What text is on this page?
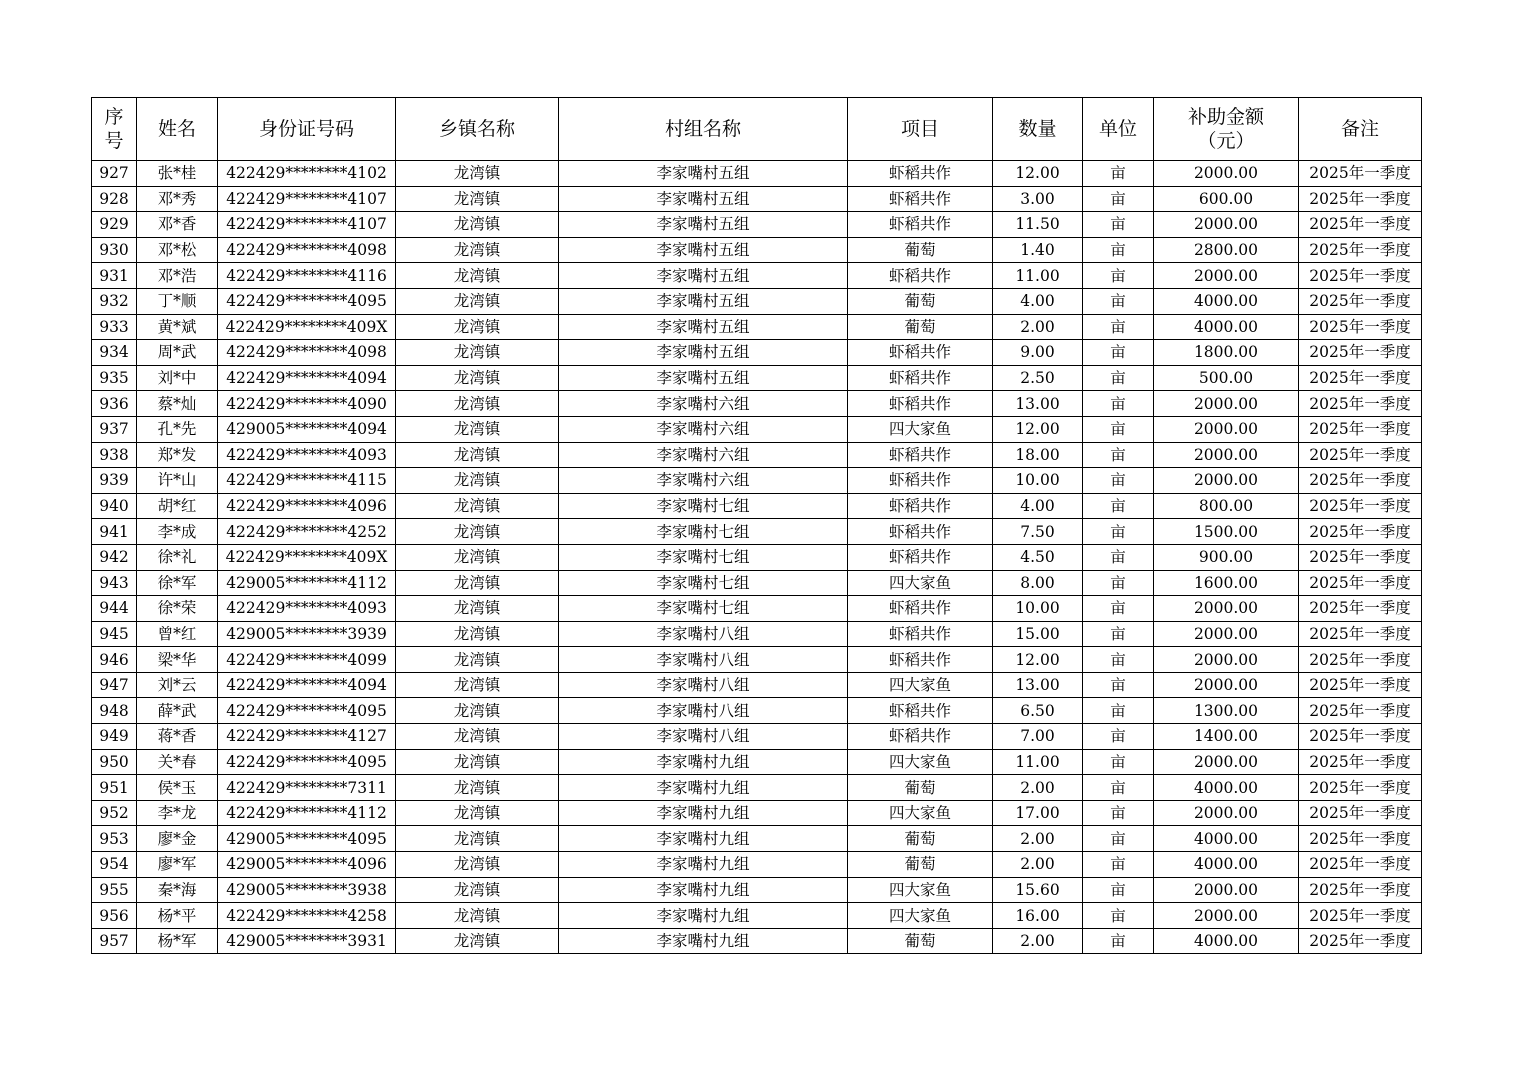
序号	姓名	身份证号码	乡镇名称	村组名称	项目	数量	单位	补助金额（元）	备注
927	张*桂	422429********4102	龙湾镇	李家嘴村五组	虾稻共作	12.00	亩	2000.00	2025年一季度
928	邓*秀	422429********4107	龙湾镇	李家嘴村五组	虾稻共作	3.00	亩	600.00	2025年一季度
929	邓*香	422429********4107	龙湾镇	李家嘴村五组	虾稻共作	11.50	亩	2000.00	2025年一季度
930	邓*松	422429********4098	龙湾镇	李家嘴村五组	葡萄	1.40	亩	2800.00	2025年一季度
931	邓*浩	422429********4116	龙湾镇	李家嘴村五组	虾稻共作	11.00	亩	2000.00	2025年一季度
932	丁*顺	422429********4095	龙湾镇	李家嘴村五组	葡萄	4.00	亩	4000.00	2025年一季度
933	黄*斌	422429********409X	龙湾镇	李家嘴村五组	葡萄	2.00	亩	4000.00	2025年一季度
934	周*武	422429********4098	龙湾镇	李家嘴村五组	虾稻共作	9.00	亩	1800.00	2025年一季度
935	刘*中	422429********4094	龙湾镇	李家嘴村五组	虾稻共作	2.50	亩	500.00	2025年一季度
936	蔡*灿	422429********4090	龙湾镇	李家嘴村六组	虾稻共作	13.00	亩	2000.00	2025年一季度
937	孔*先	429005********4094	龙湾镇	李家嘴村六组	四大家鱼	12.00	亩	2000.00	2025年一季度
938	郑*发	422429********4093	龙湾镇	李家嘴村六组	虾稻共作	18.00	亩	2000.00	2025年一季度
939	许*山	422429********4115	龙湾镇	李家嘴村六组	虾稻共作	10.00	亩	2000.00	2025年一季度
940	胡*红	422429********4096	龙湾镇	李家嘴村七组	虾稻共作	4.00	亩	800.00	2025年一季度
941	李*成	422429********4252	龙湾镇	李家嘴村七组	虾稻共作	7.50	亩	1500.00	2025年一季度
942	徐*礼	422429********409X	龙湾镇	李家嘴村七组	虾稻共作	4.50	亩	900.00	2025年一季度
943	徐*军	429005********4112	龙湾镇	李家嘴村七组	四大家鱼	8.00	亩	1600.00	2025年一季度
944	徐*荣	422429********4093	龙湾镇	李家嘴村七组	虾稻共作	10.00	亩	2000.00	2025年一季度
945	曾*红	429005********3939	龙湾镇	李家嘴村八组	虾稻共作	15.00	亩	2000.00	2025年一季度
946	梁*华	422429********4099	龙湾镇	李家嘴村八组	虾稻共作	12.00	亩	2000.00	2025年一季度
947	刘*云	422429********4094	龙湾镇	李家嘴村八组	四大家鱼	13.00	亩	2000.00	2025年一季度
948	薛*武	422429********4095	龙湾镇	李家嘴村八组	虾稻共作	6.50	亩	1300.00	2025年一季度
949	蒋*香	422429********4127	龙湾镇	李家嘴村八组	虾稻共作	7.00	亩	1400.00	2025年一季度
950	关*春	422429********4095	龙湾镇	李家嘴村九组	四大家鱼	11.00	亩	2000.00	2025年一季度
951	侯*玉	422429********7311	龙湾镇	李家嘴村九组	葡萄	2.00	亩	4000.00	2025年一季度
952	李*龙	422429********4112	龙湾镇	李家嘴村九组	四大家鱼	17.00	亩	2000.00	2025年一季度
953	廖*金	429005********4095	龙湾镇	李家嘴村九组	葡萄	2.00	亩	4000.00	2025年一季度
954	廖*军	429005********4096	龙湾镇	李家嘴村九组	葡萄	2.00	亩	4000.00	2025年一季度
955	秦*海	429005********3938	龙湾镇	李家嘴村九组	四大家鱼	15.60	亩	2000.00	2025年一季度
956	杨*平	422429********4258	龙湾镇	李家嘴村九组	四大家鱼	16.00	亩	2000.00	2025年一季度
957	杨*军	429005********3931	龙湾镇	李家嘴村九组	葡萄	2.00	亩	4000.00	2025年一季度
